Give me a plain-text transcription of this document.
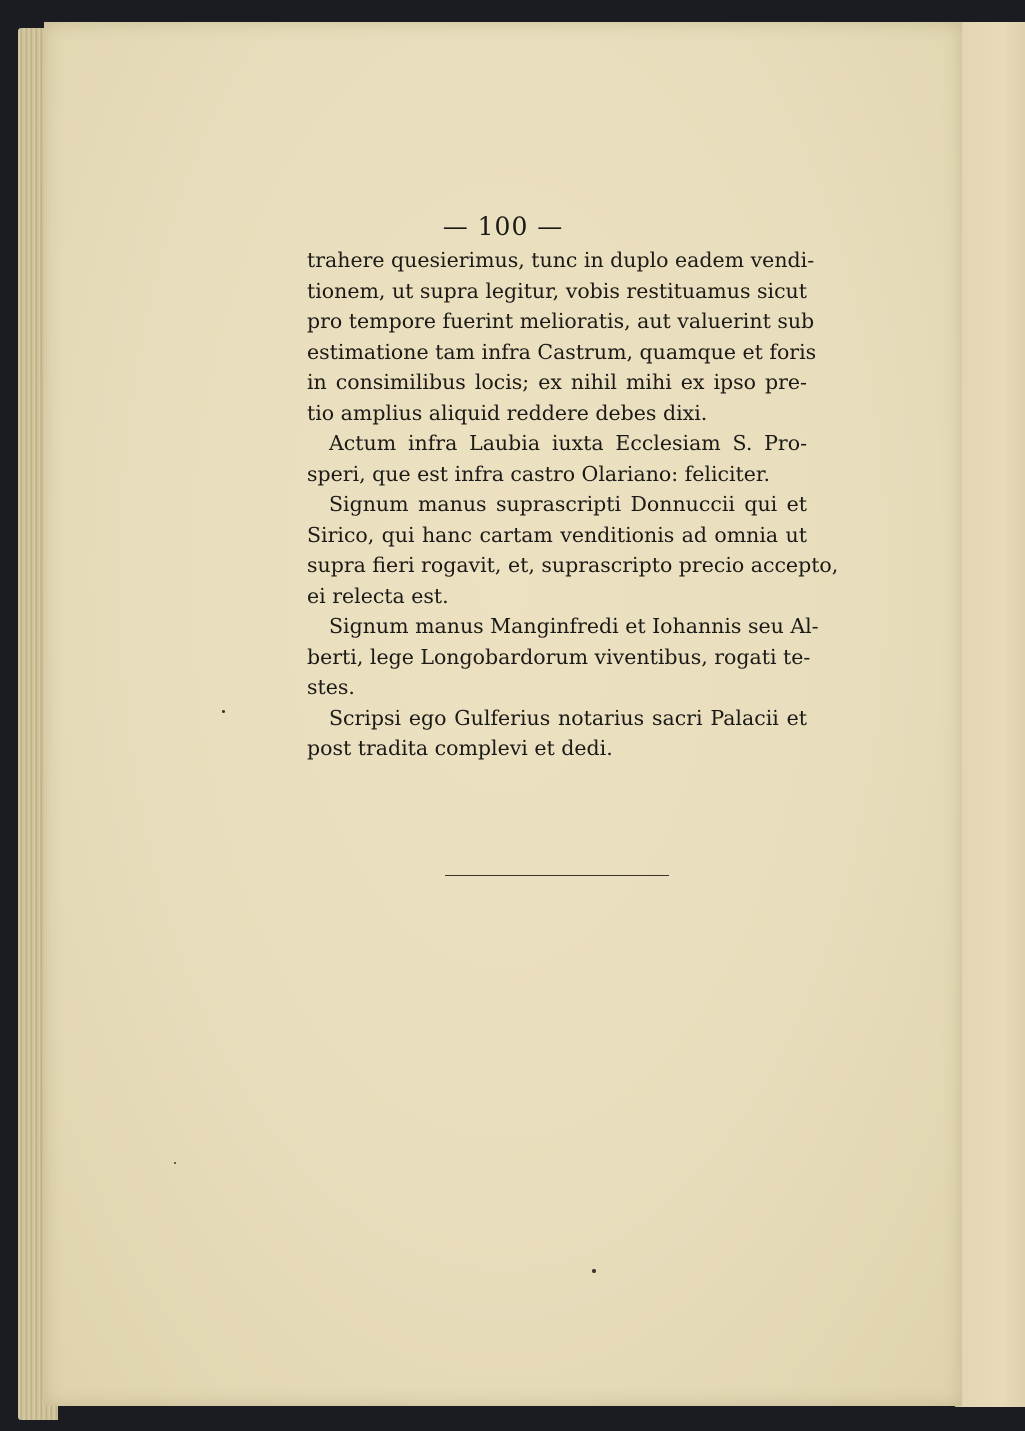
— 100 —

trahere quesierimus, tunc in duplo eadem vendi-
tionem, ut supra legitur, vobis restituamus sicut
pro tempore fuerint melioratis, aut valuerint sub
estimatione tam infra Castrum, quamque et foris
in consimilibus locis; ex nihil mihi ex ipso pre-
tio amplius aliquid reddere debes dixi.
Actum infra Laubia iuxta Ecclesiam S. Pro-
speri, que est infra castro Olariano: feliciter.
Signum manus suprascripti Donnuccii qui et
Sirico, qui hanc cartam venditionis ad omnia ut
supra fieri rogavit, et, suprascripto precio accepto,
ei relecta est.
Signum manus Manginfredi et Iohannis seu Al-
berti, lege Longobardorum viventibus, rogati te-
stes.
Scripsi ego Gulferius notarius sacri Palacii et
post tradita complevi et dedi.
